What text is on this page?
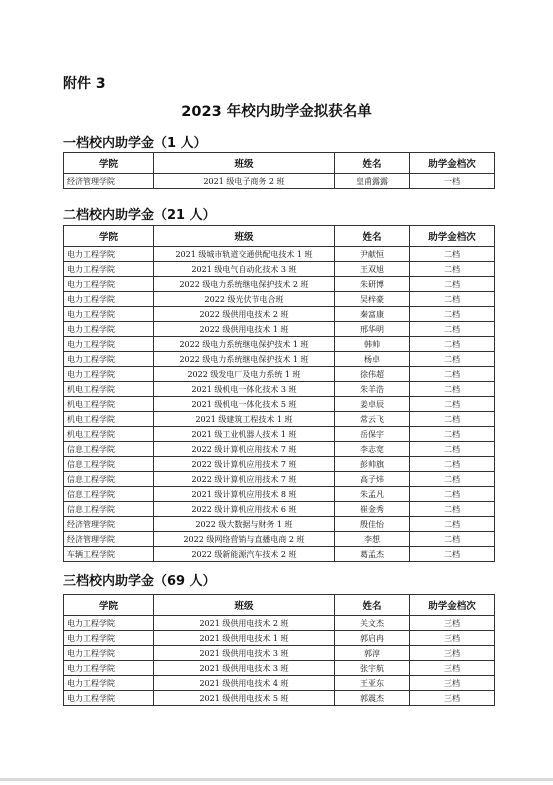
附件 3
2023 年校内助学金拟获名单
一档校内助学金（1 人）
学院	班级	姓名	助学金档次
经济管理学院	2021 级电子商务 2 班	皇甫露露	一档
二档校内助学金（21 人）
学院	班级	姓名	助学金档次
电力工程学院	2021 级城市轨道交通供配电技术 1 班	尹献恒	二档
电力工程学院	2021 级电气自动化技术 3 班	王双旭	二档
电力工程学院	2022 级电力系统继电保护技术 2 班	朱研博	二档
电力工程学院	2022 级光伏节电合班	吴梓豪	二档
电力工程学院	2022 级供用电技术 2 班	秦富康	二档
电力工程学院	2022 级供用电技术 1 班	邢华明	二档
电力工程学院	2022 级电力系统继电保护技术 1 班	韩帅	二档
电力工程学院	2022 级电力系统继电保护技术 1 班	杨卓	二档
电力工程学院	2022 级发电厂及电力系统 1 班	徐伟超	二档
机电工程学院	2021 级机电一体化技术 3 班	朱羊浩	二档
机电工程学院	2021 级机电一体化技术 5 班	姜卓辰	二档
机电工程学院	2021 级建筑工程技术 1 班	常云飞	二档
机电工程学院	2021 级工业机器人技术 1 班	岳保宇	二档
信息工程学院	2022 级计算机应用技术 7 班	李志宽	二档
信息工程学院	2022 级计算机应用技术 7 班	彭帅旗	二档
信息工程学院	2022 级计算机应用技术 7 班	高子炜	二档
信息工程学院	2021 级计算机应用技术 8 班	朱孟凡	二档
信息工程学院	2022 级计算机应用技术 6 班	崔金秀	二档
经济管理学院	2022 级大数据与财务 1 班	殷佳怡	二档
经济管理学院	2022 级网络营销与直播电商 2 班	李想	二档
车辆工程学院	2022 级新能源汽车技术 2 班	葛孟杰	二档
三档校内助学金（69 人）
学院	班级	姓名	助学金档次
电力工程学院	2021 级供用电技术 2 班	关文杰	三档
电力工程学院	2021 级供用电技术 1 班	郭启冉	三档
电力工程学院	2021 级供用电技术 3 班	郭淳	三档
电力工程学院	2021 级供用电技术 3 班	张宇航	三档
电力工程学院	2021 级供用电技术 4 班	王亚东	三档
电力工程学院	2021 级供用电技术 5 班	郭震杰	三档
